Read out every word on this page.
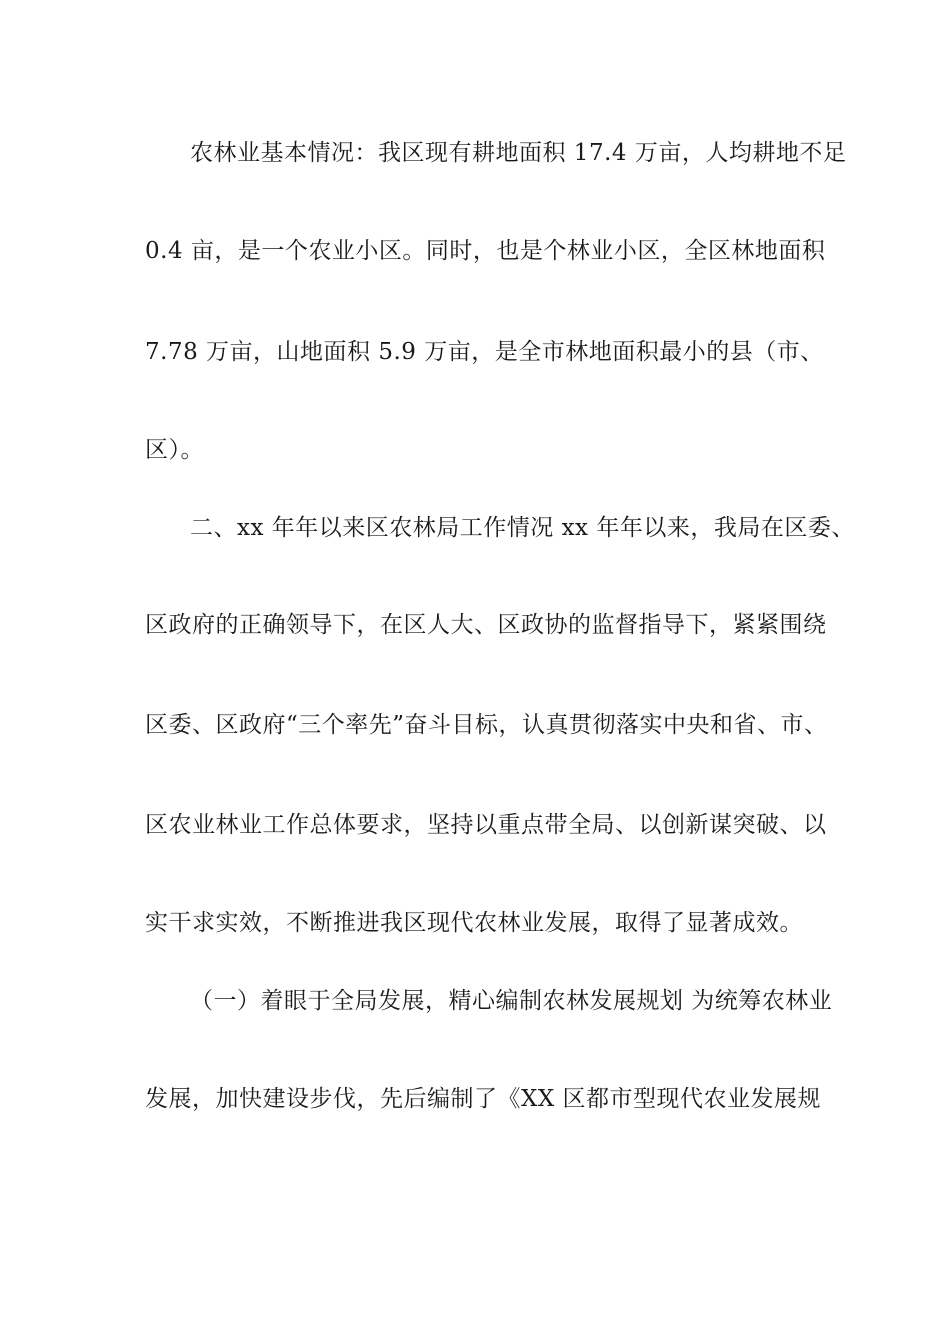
农林业基本情况：我区现有耕地面积 17.4 万亩，人均耕地不足
0.4 亩，是一个农业小区。同时，也是个林业小区，全区林地面积
7.78 万亩，山地面积 5.9 万亩，是全市林地面积最小的县（市、
区）。
二、xx 年年以来区农林局工作情况 xx 年年以来，我局在区委、
区政府的正确领导下，在区人大、区政协的监督指导下，紧紧围绕
区委、区政府“三个率先”奋斗目标，认真贯彻落实中央和省、市、
区农业林业工作总体要求，坚持以重点带全局、以创新谋突破、以
实干求实效，不断推进我区现代农林业发展，取得了显著成效。
（一）着眼于全局发展，精心编制农林发展规划 为统筹农林业
发展，加快建设步伐，先后编制了《XX 区都市型现代农业发展规
